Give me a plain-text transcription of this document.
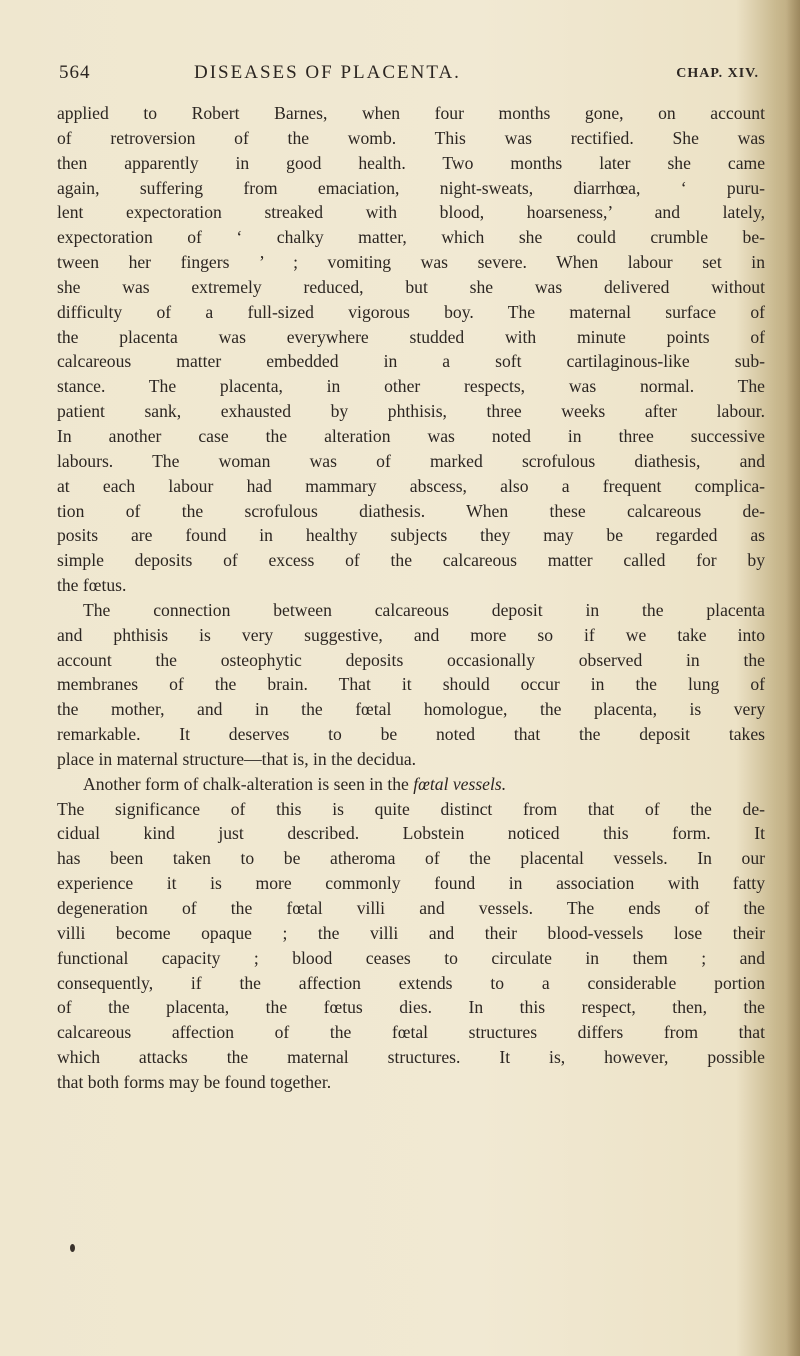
564	DISEASES OF PLACENTA.	CHAP. XIV.
applied to Robert Barnes, when four months gone, on account
of retroversion of the womb. This was rectified. She was
then apparently in good health. Two months later she came
again, suffering from emaciation, night-sweats, diarrhœa, ‘ puru-
lent expectoration streaked with blood, hoarseness,’ and lately,
expectoration of ‘ chalky matter, which she could crumble be-
tween her fingers ’ ; vomiting was severe. When labour set in
she was extremely reduced, but she was delivered without
difficulty of a full-sized vigorous boy. The maternal surface of
the placenta was everywhere studded with minute points of
calcareous matter embedded in a soft cartilaginous-like sub-
stance. The placenta, in other respects, was normal. The
patient sank, exhausted by phthisis, three weeks after labour.
In another case the alteration was noted in three successive
labours. The woman was of marked scrofulous diathesis, and
at each labour had mammary abscess, also a frequent complica-
tion of the scrofulous diathesis. When these calcareous de-
posits are found in healthy subjects they may be regarded as
simple deposits of excess of the calcareous matter called for by
the fœtus.
The connection between calcareous deposit in the placenta
and phthisis is very suggestive, and more so if we take into
account the osteophytic deposits occasionally observed in the
membranes of the brain. That it should occur in the lung of
the mother, and in the fœtal homologue, the placenta, is very
remarkable. It deserves to be noted that the deposit takes
place in maternal structure—that is, in the decidua.
Another form of chalk-alteration is seen in the fœtal vessels.
The significance of this is quite distinct from that of the de-
cidual kind just described. Lobstein noticed this form. It
has been taken to be atheroma of the placental vessels. In our
experience it is more commonly found in association with fatty
degeneration of the fœtal villi and vessels. The ends of the
villi become opaque ; the villi and their blood-vessels lose their
functional capacity ; blood ceases to circulate in them ; and
consequently, if the affection extends to a considerable portion
of the placenta, the fœtus dies. In this respect, then, the
calcareous affection of the fœtal structures differs from that
which attacks the maternal structures. It is, however, possible
that both forms may be found together.
